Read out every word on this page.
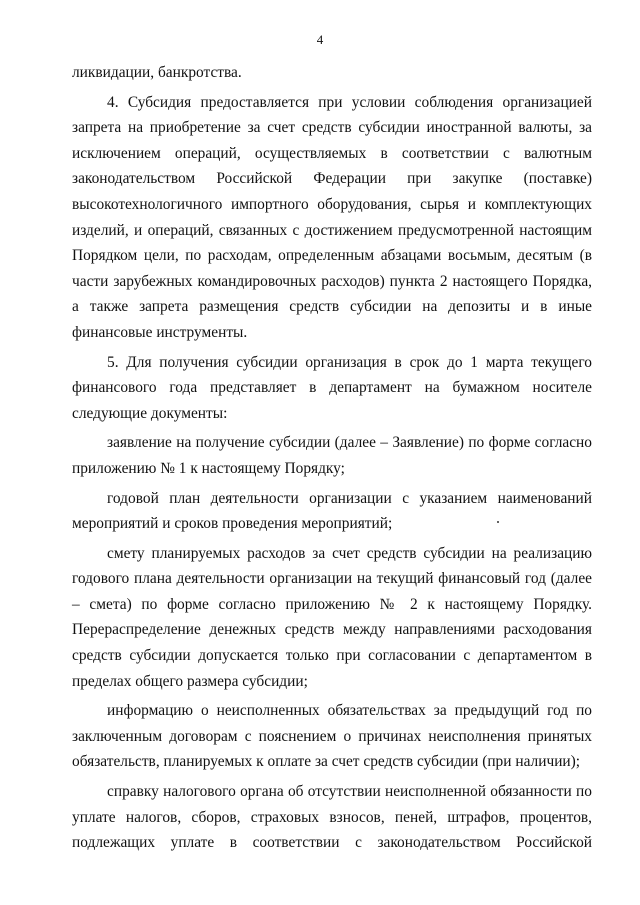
4

ликвидации, банкротства.

4. Субсидия предоставляется при условии соблюдения организацией запрета на приобретение за счет средств субсидии иностранной валюты, за исключением операций, осуществляемых в соответствии с валютным законодательством Российской Федерации при закупке (поставке) высокотехнологичного импортного оборудования, сырья и комплектующих изделий, и операций, связанных с достижением предусмотренной настоящим Порядком цели, по расходам, определенным абзацами восьмым, десятым (в части зарубежных командировочных расходов) пункта 2 настоящего Порядка, а также запрета размещения средств субсидии на депозиты и в иные финансовые инструменты.

5. Для получения субсидии организация в срок до 1 марта текущего финансового года представляет в департамент на бумажном носителе следующие документы:

заявление на получение субсидии (далее – Заявление) по форме согласно приложению № 1 к настоящему Порядку;

годовой план деятельности организации с указанием наименований мероприятий и сроков проведения мероприятий;

смету планируемых расходов за счет средств субсидии на реализацию годового плана деятельности организации на текущий финансовый год (далее – смета) по форме согласно приложению № 2 к настоящему Порядку. Перераспределение денежных средств между направлениями расходования средств субсидии допускается только при согласовании с департаментом в пределах общего размера субсидии;

информацию о неисполненных обязательствах за предыдущий год по заключенным договорам с пояснением о причинах неисполнения принятых обязательств, планируемых к оплате за счет средств субсидии (при наличии);

справку налогового органа об отсутствии неисполненной обязанности по уплате налогов, сборов, страховых взносов, пеней, штрафов, процентов, подлежащих уплате в соответствии с законодательством Российской
